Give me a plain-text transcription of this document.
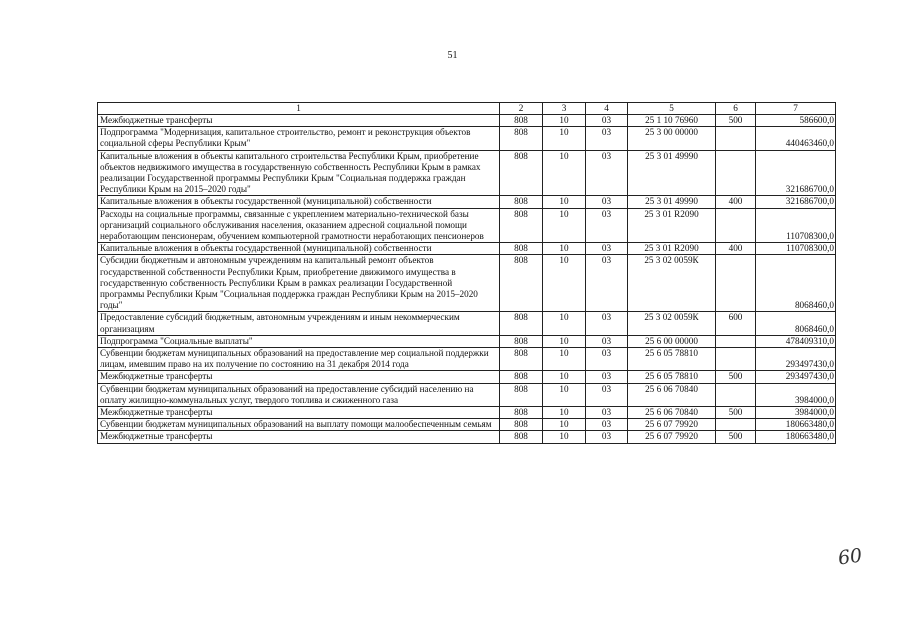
51
1	2	3	4	5	6	7
Межбюджетные трансферты	808	10	03	25 1 10 76960	500	586600,0
Подпрограмма "Модернизация, капитальное строительство, ремонт и реконструкция объектов социальной сферы Республики Крым"	808	10	03	25 3 00 00000		440463460,0
Капитальные вложения в объекты капитального строительства Республики Крым, приобретение объектов недвижимого имущества в государственную собственность Республики Крым в рамках реализации Государственной программы Республики Крым "Социальная поддержка граждан Республики Крым на 2015–2020 годы"	808	10	03	25 3 01 49990		321686700,0
Капитальные вложения в объекты государственной (муниципальной) собственности	808	10	03	25 3 01 49990	400	321686700,0
Расходы на социальные программы, связанные с укреплением материально-технической базы организаций социального обслуживания населения, оказанием адресной социальной помощи неработающим пенсионерам, обучением компьютерной грамотности неработающих пенсионеров	808	10	03	25 3 01 R2090		110708300,0
Капитальные вложения в объекты государственной (муниципальной) собственности	808	10	03	25 3 01 R2090	400	110708300,0
Субсидии бюджетным и автономным учреждениям на капитальный ремонт объектов государственной собственности Республики Крым, приобретение движимого имущества в государственную собственность Республики Крым в рамках реализации Государственной программы Республики Крым "Социальная поддержка граждан Республики Крым на 2015–2020 годы"	808	10	03	25 3 02 0059К		8068460,0
Предоставление субсидий бюджетным, автономным учреждениям и иным некоммерческим организациям	808	10	03	25 3 02 0059К	600	8068460,0
Подпрограмма "Социальные выплаты"	808	10	03	25 6 00 00000		478409310,0
Субвенции бюджетам муниципальных образований на предоставление мер социальной поддержки лицам, имевшим право на их получение по состоянию на 31 декабря 2014 года	808	10	03	25 6 05 78810		293497430,0
Межбюджетные трансферты	808	10	03	25 6 05 78810	500	293497430,0
Субвенции бюджетам муниципальных образований на предоставление субсидий населению на оплату жилищно-коммунальных услуг, твердого топлива и сжиженного газа	808	10	03	25 6 06 70840		3984000,0
Межбюджетные трансферты	808	10	03	25 6 06 70840	500	3984000,0
Субвенции бюджетам муниципальных образований на выплату помощи малообеспеченным семьям	808	10	03	25 6 07 79920		180663480,0
Межбюджетные трансферты	808	10	03	25 6 07 79920	500	180663480,0
60
